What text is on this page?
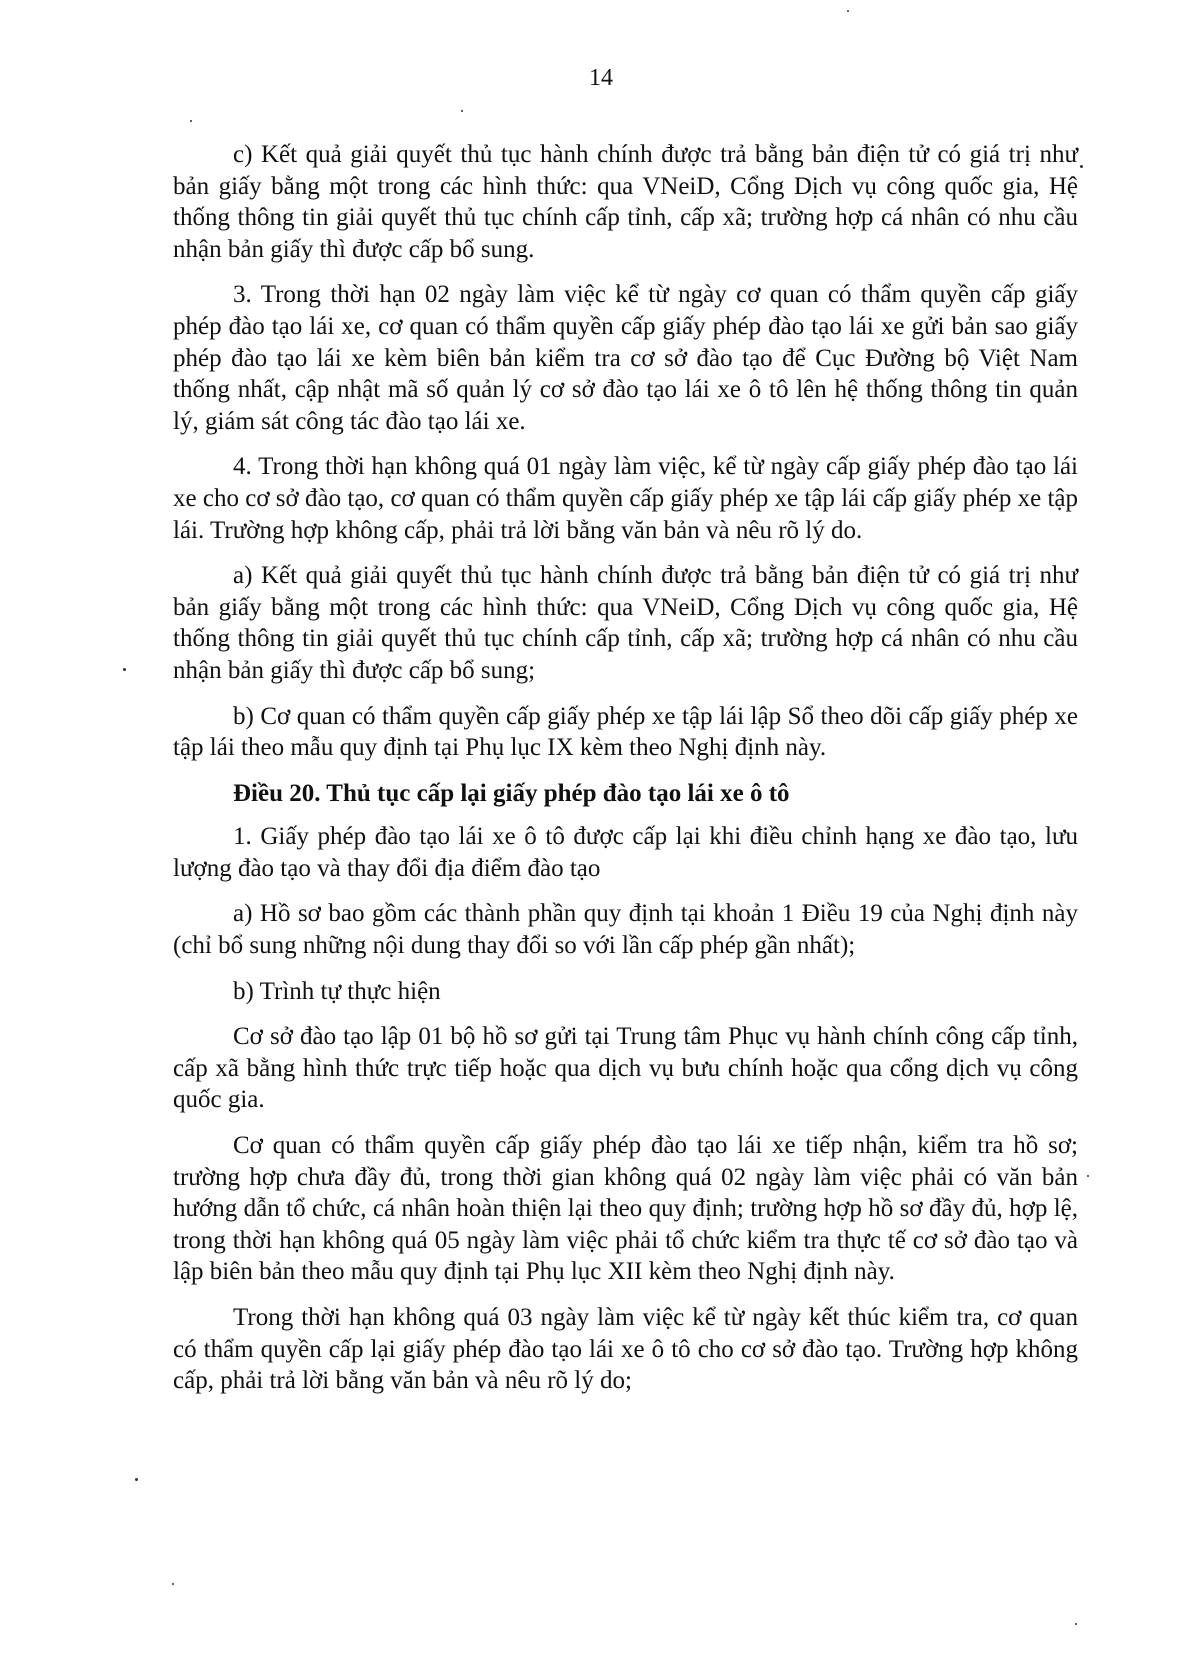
14

c) Kết quả giải quyết thủ tục hành chính được trả bằng bản điện tử có giá trị như bản giấy bằng một trong các hình thức: qua VNeiD, Cổng Dịch vụ công quốc gia, Hệ thống thông tin giải quyết thủ tục chính cấp tỉnh, cấp xã; trường hợp cá nhân có nhu cầu nhận bản giấy thì được cấp bổ sung.

3. Trong thời hạn 02 ngày làm việc kể từ ngày cơ quan có thẩm quyền cấp giấy phép đào tạo lái xe, cơ quan có thẩm quyền cấp giấy phép đào tạo lái xe gửi bản sao giấy phép đào tạo lái xe kèm biên bản kiểm tra cơ sở đào tạo để Cục Đường bộ Việt Nam thống nhất, cập nhật mã số quản lý cơ sở đào tạo lái xe ô tô lên hệ thống thông tin quản lý, giám sát công tác đào tạo lái xe.

4. Trong thời hạn không quá 01 ngày làm việc, kể từ ngày cấp giấy phép đào tạo lái xe cho cơ sở đào tạo, cơ quan có thẩm quyền cấp giấy phép xe tập lái cấp giấy phép xe tập lái. Trường hợp không cấp, phải trả lời bằng văn bản và nêu rõ lý do.

a) Kết quả giải quyết thủ tục hành chính được trả bằng bản điện tử có giá trị như bản giấy bằng một trong các hình thức: qua VNeiD, Cổng Dịch vụ công quốc gia, Hệ thống thông tin giải quyết thủ tục chính cấp tỉnh, cấp xã; trường hợp cá nhân có nhu cầu nhận bản giấy thì được cấp bổ sung;

b) Cơ quan có thẩm quyền cấp giấy phép xe tập lái lập Sổ theo dõi cấp giấy phép xe tập lái theo mẫu quy định tại Phụ lục IX kèm theo Nghị định này.

Điều 20. Thủ tục cấp lại giấy phép đào tạo lái xe ô tô

1. Giấy phép đào tạo lái xe ô tô được cấp lại khi điều chỉnh hạng xe đào tạo, lưu lượng đào tạo và thay đổi địa điểm đào tạo

a) Hồ sơ bao gồm các thành phần quy định tại khoản 1 Điều 19 của Nghị định này (chỉ bổ sung những nội dung thay đổi so với lần cấp phép gần nhất);

b) Trình tự thực hiện

Cơ sở đào tạo lập 01 bộ hồ sơ gửi tại Trung tâm Phục vụ hành chính công cấp tỉnh, cấp xã bằng hình thức trực tiếp hoặc qua dịch vụ bưu chính hoặc qua cổng dịch vụ công quốc gia.

Cơ quan có thẩm quyền cấp giấy phép đào tạo lái xe tiếp nhận, kiểm tra hồ sơ; trường hợp chưa đầy đủ, trong thời gian không quá 02 ngày làm việc phải có văn bản hướng dẫn tổ chức, cá nhân hoàn thiện lại theo quy định; trường hợp hồ sơ đầy đủ, hợp lệ, trong thời hạn không quá 05 ngày làm việc phải tổ chức kiểm tra thực tế cơ sở đào tạo và lập biên bản theo mẫu quy định tại Phụ lục XII kèm theo Nghị định này.

Trong thời hạn không quá 03 ngày làm việc kể từ ngày kết thúc kiểm tra, cơ quan có thẩm quyền cấp lại giấy phép đào tạo lái xe ô tô cho cơ sở đào tạo. Trường hợp không cấp, phải trả lời bằng văn bản và nêu rõ lý do;
